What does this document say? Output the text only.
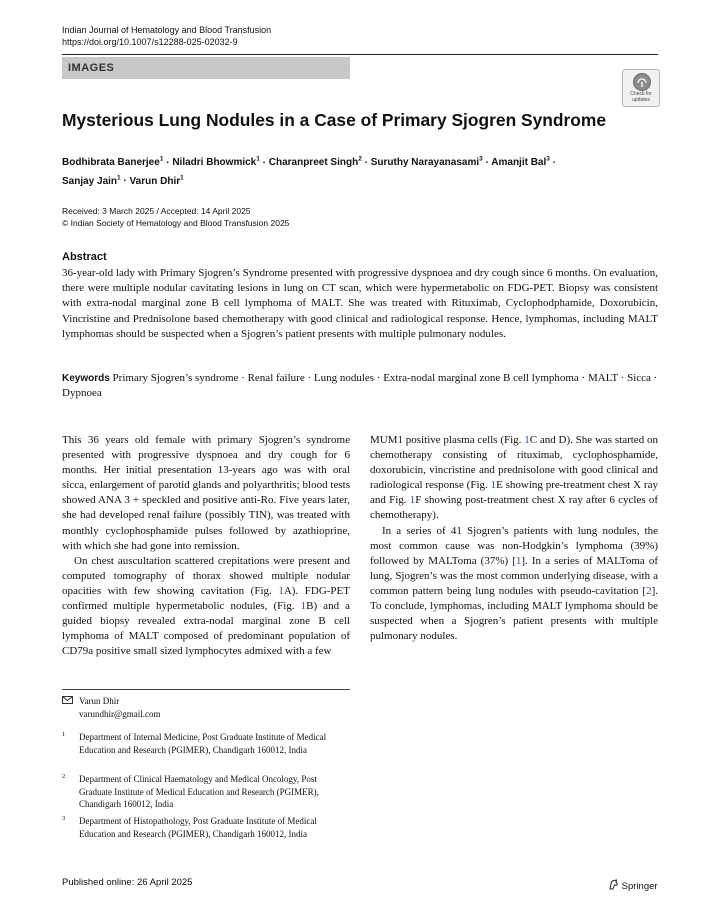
Indian Journal of Hematology and Blood Transfusion
https://doi.org/10.1007/s12288-025-02032-9
IMAGES
Check for
updates
Mysterious Lung Nodules in a Case of Primary Sjogren Syndrome
Bodhibrata Banerjee$^1$ · Niladri Bhowmick$^1$ · Charanpreet Singh$^2$ · Suruthy Narayanasami$^3$ · Amanjit Bal$^3$ ·
Sanjay Jain$^1$ · Varun Dhir$^1$
Received: 3 March 2025 / Accepted: 14 April 2025
© Indian Society of Hematology and Blood Transfusion 2025
Abstract
36-year-old lady with Primary Sjogren’s Syndrome presented with progressive dyspnoea and dry cough since 6 months. On evaluation, there were multiple nodular cavitating lesions in lung on CT scan, which were hypermetabolic on FDG-PET. Biopsy was consistent with extra-nodal marginal zone B cell lymphoma of MALT. She was treated with Rituximab, Cyclophodphamide, Doxorubicin, Vincristine and Prednisolone based chemotherapy with good clinical and radiological response. Hence, lymphomas, including MALT lymphomas should be suspected when a Sjogren’s patient presents with multiple pulmonary nodules.
Keywords Primary Sjogren’s syndrome · Renal failure · Lung nodules · Extra-nodal marginal zone B cell lymphoma · MALT · Sicca · Dypnoea

This 36 years old female with primary Sjogren’s syndrome presented with progressive dyspnoea and dry cough for 6 months. Her initial presentation 13-years ago was with oral sicca, enlargement of parotid glands and polyarthritis; blood tests showed ANA 3 + speckled and positive anti-Ro. Five years later, she had developed renal failure (possibly TIN), was treated with monthly cyclophosphamide pulses followed by azathioprine, with which she had gone into remission.

On chest auscultation scattered crepitations were present and computed tomography of thorax showed multiple nodular opacities with few showing cavitation (Fig. 1A). FDG-PET confirmed multiple hypermetabolic nodules, (Fig. 1B) and a guided biopsy revealed extra-nodal marginal zone B cell lymphoma of MALT composed of predominant population of CD79a positive small sized lymphocytes admixed with a few

MUM1 positive plasma cells (Fig. 1C and D). She was started on chemotherapy consisting of rituximab, cyclophosphamide, doxorubicin, vincristine and prednisolone with good clinical and radiological response (Fig. 1E showing pre-treatment chest X ray and Fig. 1F showing post-treatment chest X ray after 6 cycles of chemotherapy).

In a series of 41 Sjogren’s patients with lung nodules, the most common cause was non-Hodgkin’s lymphoma (39%) followed by MALToma (37%) [1]. In a series of MALToma of lung, Sjogren’s was the most common underlying disease, with a common pattern being lung nodules with pseudo-cavitation [2]. To conclude, lymphomas, including MALT lymphoma should be suspected when a Sjogren’s patient presents with multiple pulmonary nodules.

Varun Dhir
varundhir@gmail.com
1 Department of Internal Medicine, Post Graduate Institute of Medical Education and Research (PGIMER), Chandigarh 160012, India
2 Department of Clinical Haematology and Medical Oncology, Post Graduate Institute of Medical Education and Research (PGIMER), Chandigarh 160012, India
3 Department of Histopathology, Post Graduate Institute of Medical Education and Research (PGIMER), Chandigarh 160012, India
Published online: 26 April 2025	Springer
